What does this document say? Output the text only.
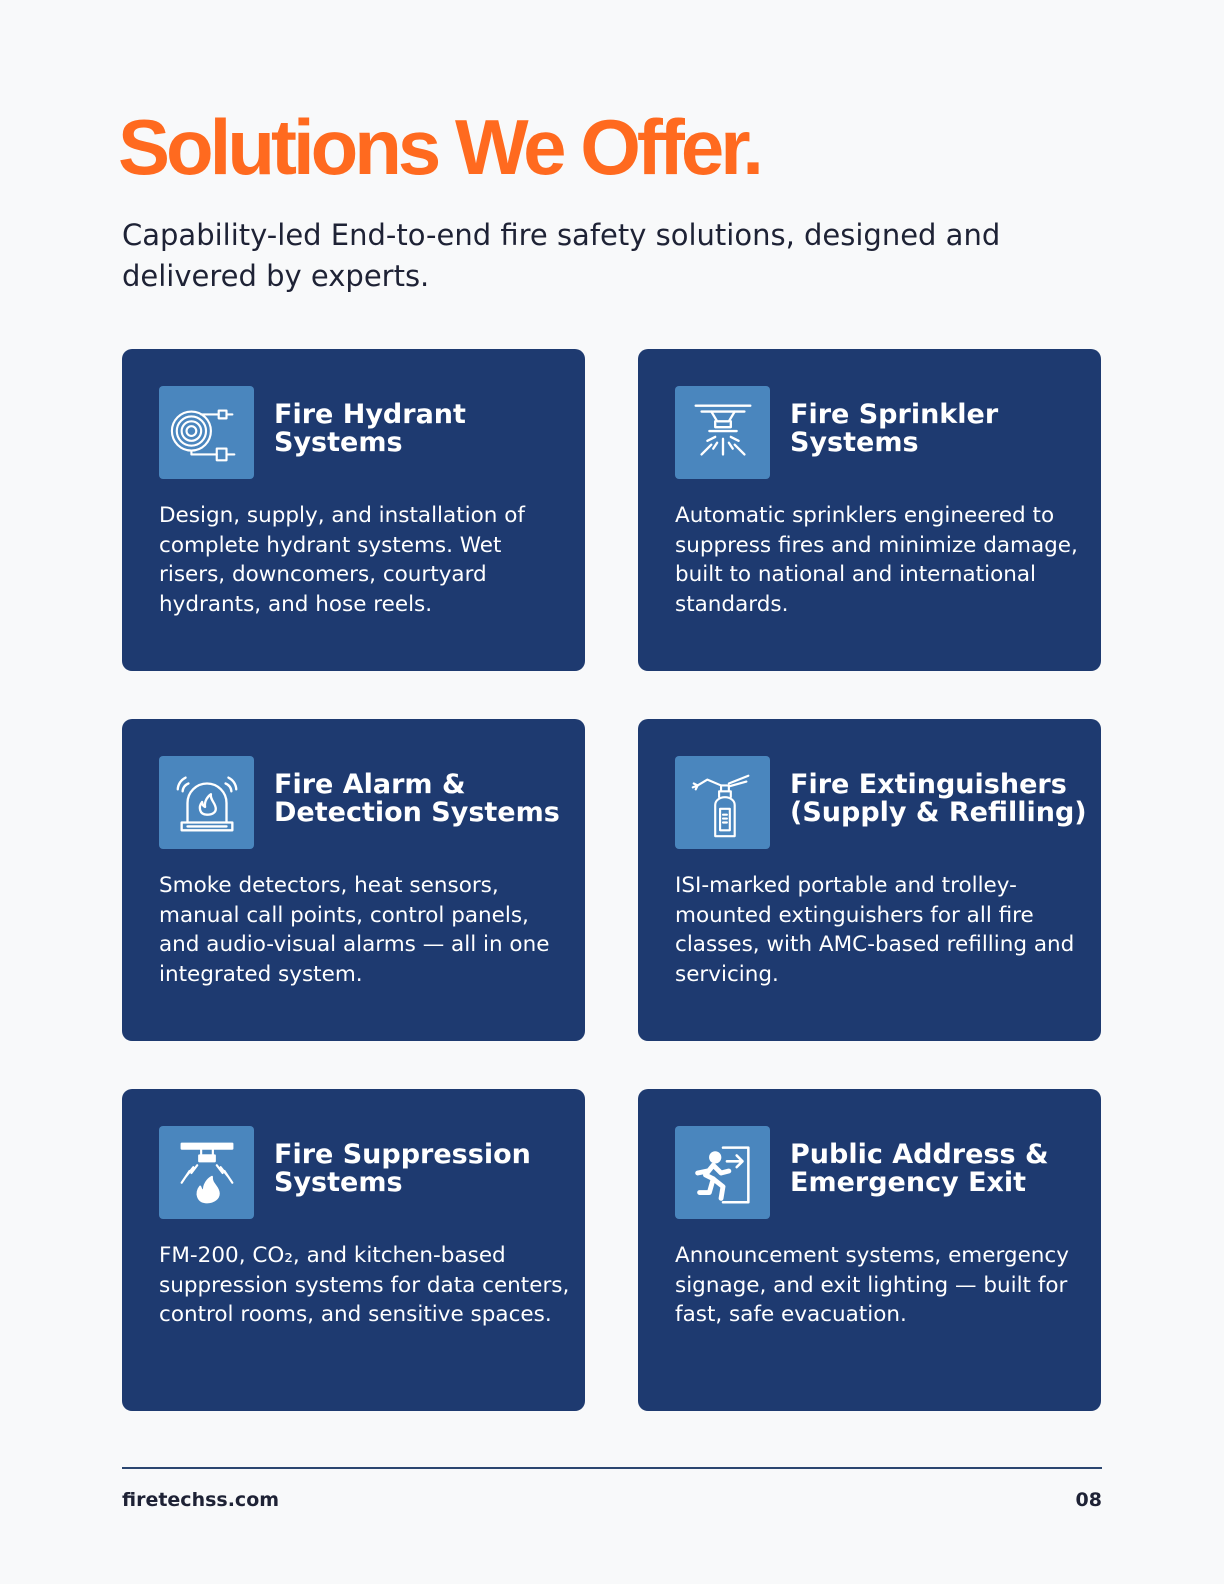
Solutions We Offer.

Capability-led End-to-end fire safety solutions, designed and delivered by experts.

Fire Hydrant
Systems

Design, supply, and installation of complete hydrant systems. Wet risers, downcomers, courtyard hydrants, and hose reels.

Fire Sprinkler
Systems

Automatic sprinklers engineered to suppress fires and minimize damage, built to national and international standards.

Fire Alarm &
Detection Systems

Smoke detectors, heat sensors, manual call points, control panels, and audio-visual alarms — all in one integrated system.

Fire Extinguishers
(Supply & Refilling)

ISI-marked portable and trolley-mounted extinguishers for all fire classes, with AMC-based refilling and servicing.

Fire Suppression
Systems

FM-200, CO₂, and kitchen-based suppression systems for data centers, control rooms, and sensitive spaces.

Public Address &
Emergency Exit

Announcement systems, emergency signage, and exit lighting — built for fast, safe evacuation.

firetechss.com	08
